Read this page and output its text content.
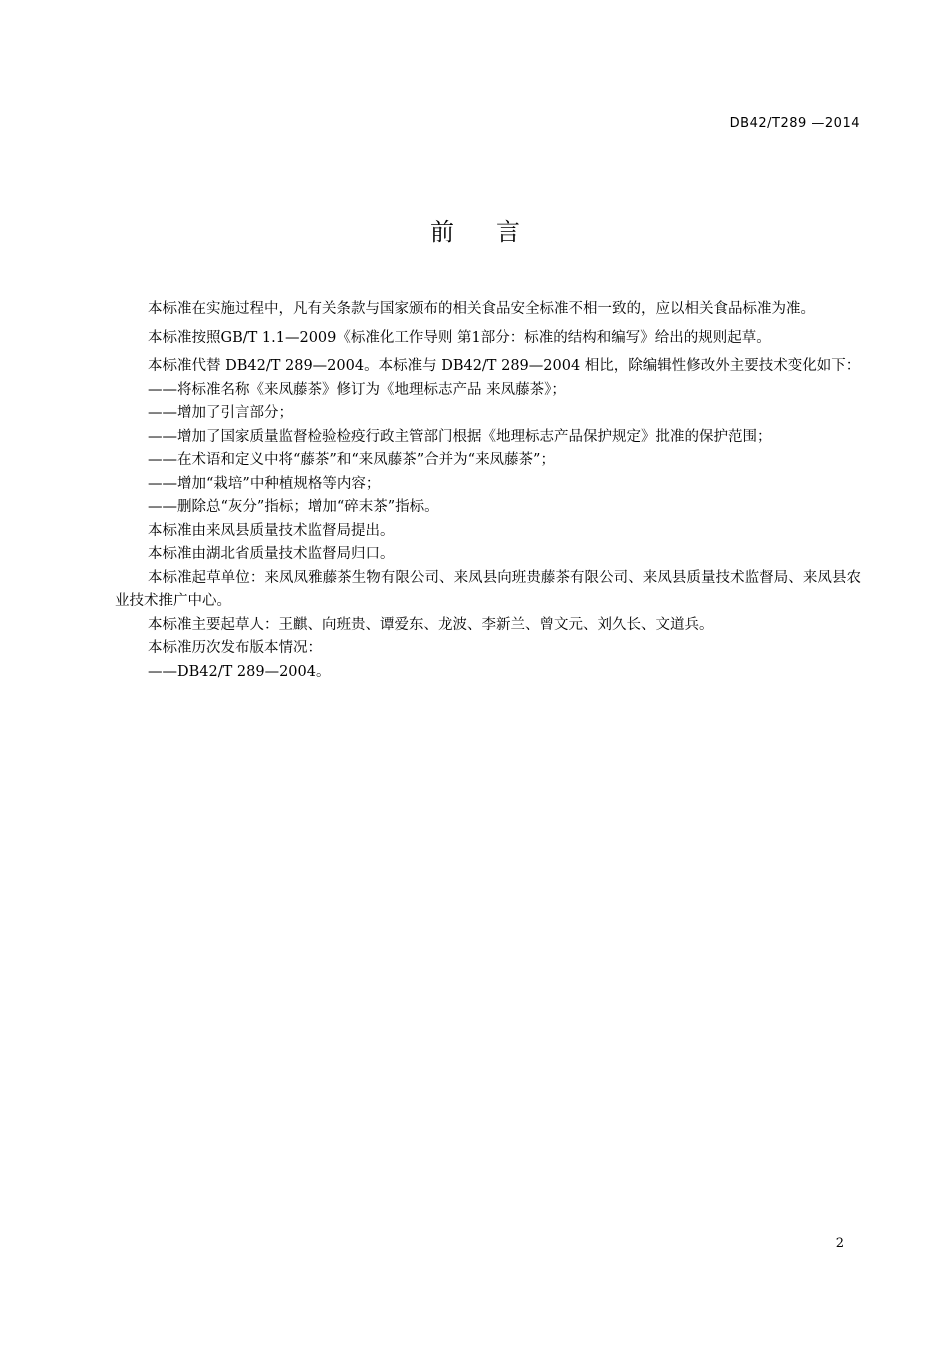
DB42/T289 —2014
前言

本标准在实施过程中，凡有关条款与国家颁布的相关食品安全标准不相一致的，应以相关食品标准为准。

本标准按照GB/T 1.1—2009《标准化工作导则 第1部分：标准的结构和编写》给出的规则起草。

本标准代替 DB42/T 289—2004。本标准与 DB42/T 289—2004 相比，除编辑性修改外主要技术变化如下：

——将标准名称《来凤藤茶》修订为《地理标志产品 来凤藤茶》；

——增加了引言部分；

——增加了国家质量监督检验检疫行政主管部门根据《地理标志产品保护规定》批准的保护范围；

——在术语和定义中将“藤茶”和“来凤藤茶”合并为“来凤藤茶”；

——增加“栽培”中种植规格等内容；

——删除总“灰分”指标；增加“碎末茶”指标。

本标准由来凤县质量技术监督局提出。

本标准由湖北省质量技术监督局归口。

本标准起草单位：来凤凤雅藤茶生物有限公司、来凤县向班贵藤茶有限公司、来凤县质量技术监督局、来凤县农业技术推广中心。

本标准主要起草人：王麒、向班贵、谭爱东、龙波、李新兰、曾文元、刘久长、文道兵。

本标准历次发布版本情况：

——DB42/T 289—2004。

2
